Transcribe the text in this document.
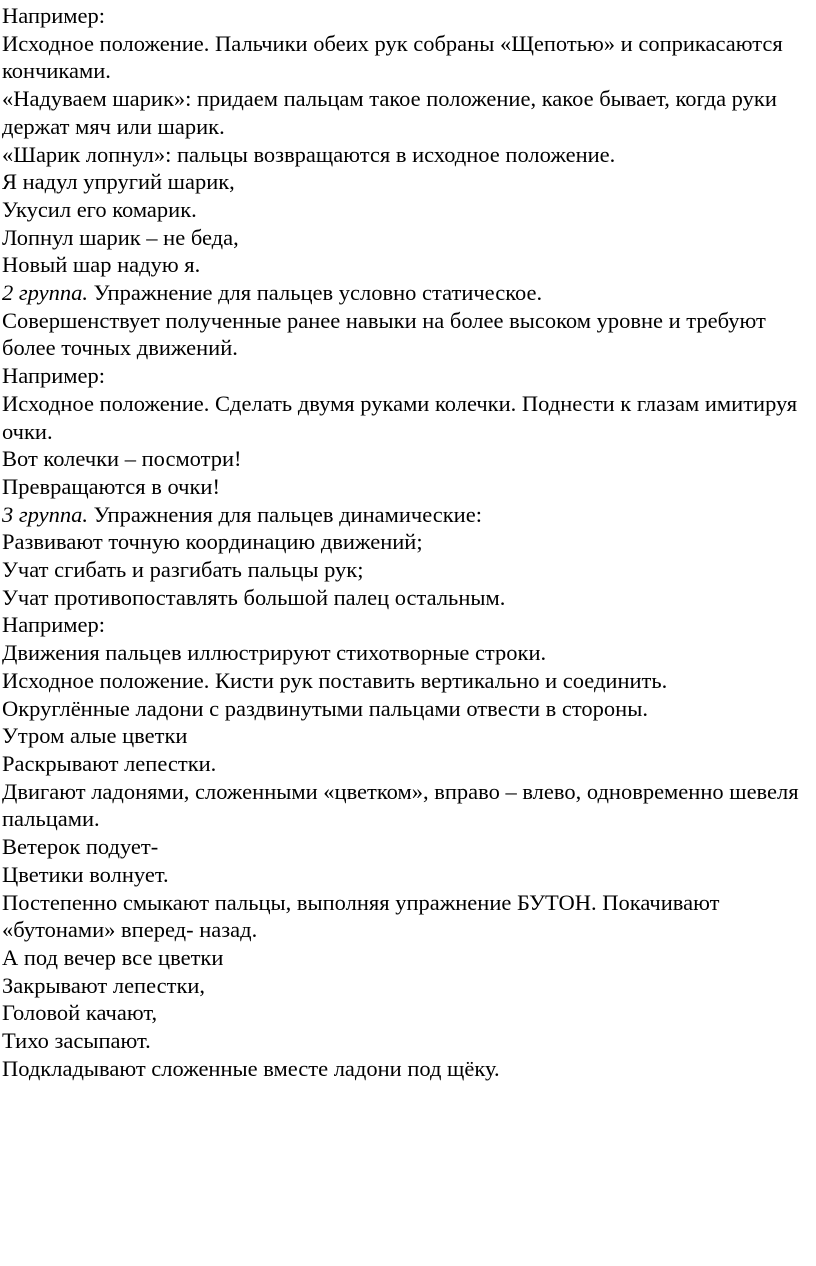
Например:

Исходное положение. Пальчики обеих рук собраны «Щепотью» и соприкасаются кончиками.

«Надуваем шарик»: придаем пальцам такое положение, какое бывает, когда руки держат мяч или шарик.

«Шарик лопнул»: пальцы возвращаются в исходное положение.

Я надул упругий шарик,

Укусил его комарик.

Лопнул шарик – не беда,

Новый шар надую я.

2 группа. Упражнение для пальцев условно статическое.

Совершенствует полученные ранее навыки на более высоком уровне и требуют более точных движений.

Например:

Исходное положение. Сделать двумя руками колечки. Поднести к глазам имитируя очки.

Вот колечки – посмотри!

Превращаются в очки!

3 группа. Упражнения для пальцев динамические:

Развивают точную координацию движений;

Учат сгибать и разгибать пальцы рук;

Учат противопоставлять большой палец остальным.

Например:

Движения пальцев иллюстрируют стихотворные строки.

Исходное положение. Кисти рук поставить вертикально и соединить.

Округлённые ладони с раздвинутыми пальцами отвести в стороны.

Утром алые цветки

Раскрывают лепестки.

Двигают ладонями, сложенными «цветком», вправо – влево, одновременно шевеля пальцами.

Ветерок подует-

Цветики волнует.

Постепенно смыкают пальцы, выполняя упражнение БУТОН. Покачивают «бутонами» вперед- назад.

А под вечер все цветки

Закрывают лепестки,

Головой качают,

Тихо засыпают.

Подкладывают сложенные вместе ладони под щёку.
